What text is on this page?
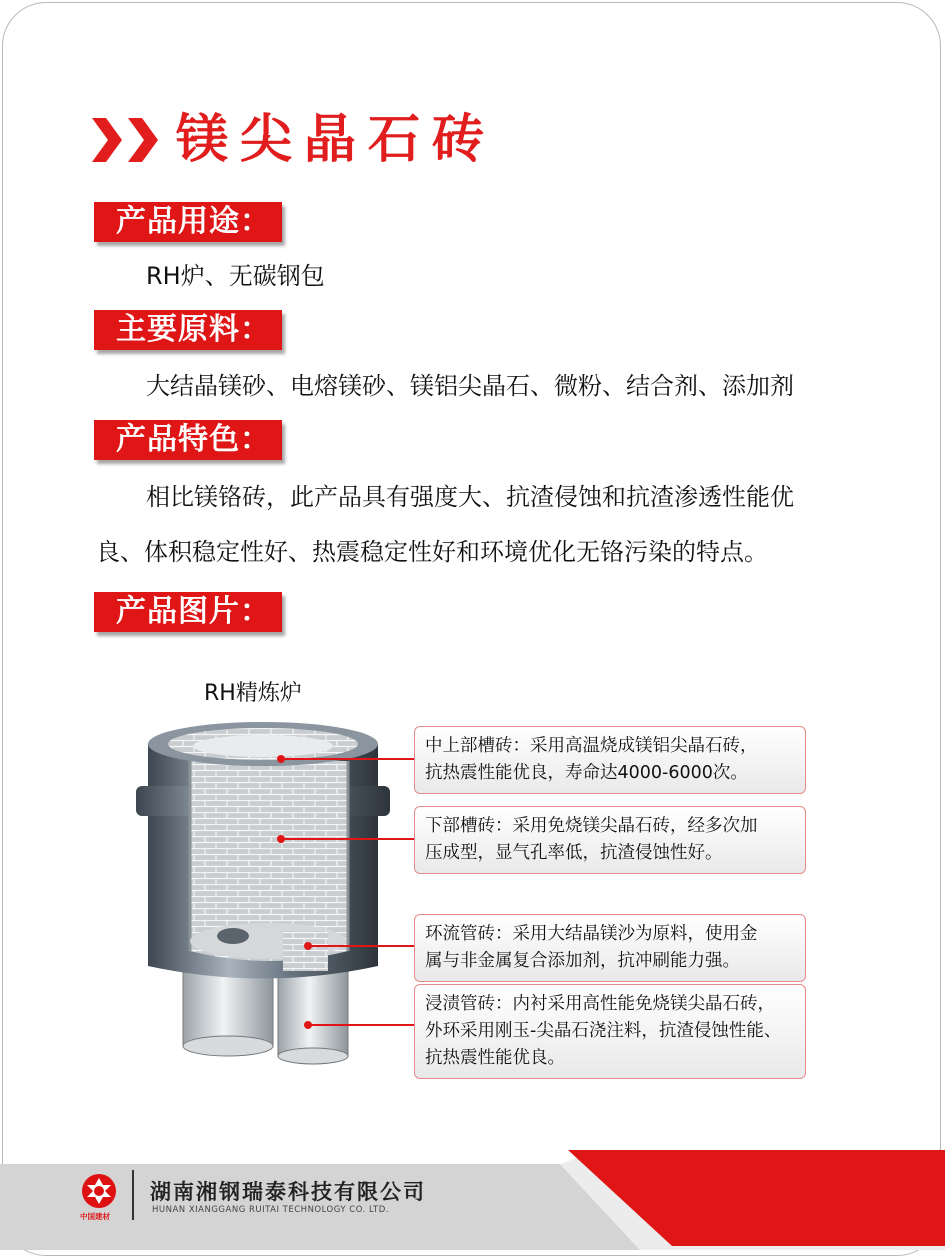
镁尖晶石砖
产品用途：
RH炉、无碳钢包
主要原料：
大结晶镁砂、电熔镁砂、镁铝尖晶石、微粉、结合剂、添加剂
产品特色：
相比镁铬砖，此产品具有强度大、抗渣侵蚀和抗渣渗透性能优
良、体积稳定性好、热震稳定性好和环境优化无铬污染的特点。
产品图片：
RH精炼炉
中上部槽砖：采用高温烧成镁铝尖晶石砖，
抗热震性能优良，寿命达4000-6000次。
下部槽砖：采用免烧镁尖晶石砖，经多次加
压成型，显气孔率低，抗渣侵蚀性好。
环流管砖：采用大结晶镁沙为原料，使用金
属与非金属复合添加剂，抗冲刷能力强。
浸渍管砖：内衬采用高性能免烧镁尖晶石砖，
外环采用刚玉-尖晶石浇注料，抗渣侵蚀性能、
抗热震性能优良。
中国建材
湖南湘钢瑞泰科技有限公司
HUNAN XIANGGANG RUITAI TECHNOLOGY CO. LTD.
